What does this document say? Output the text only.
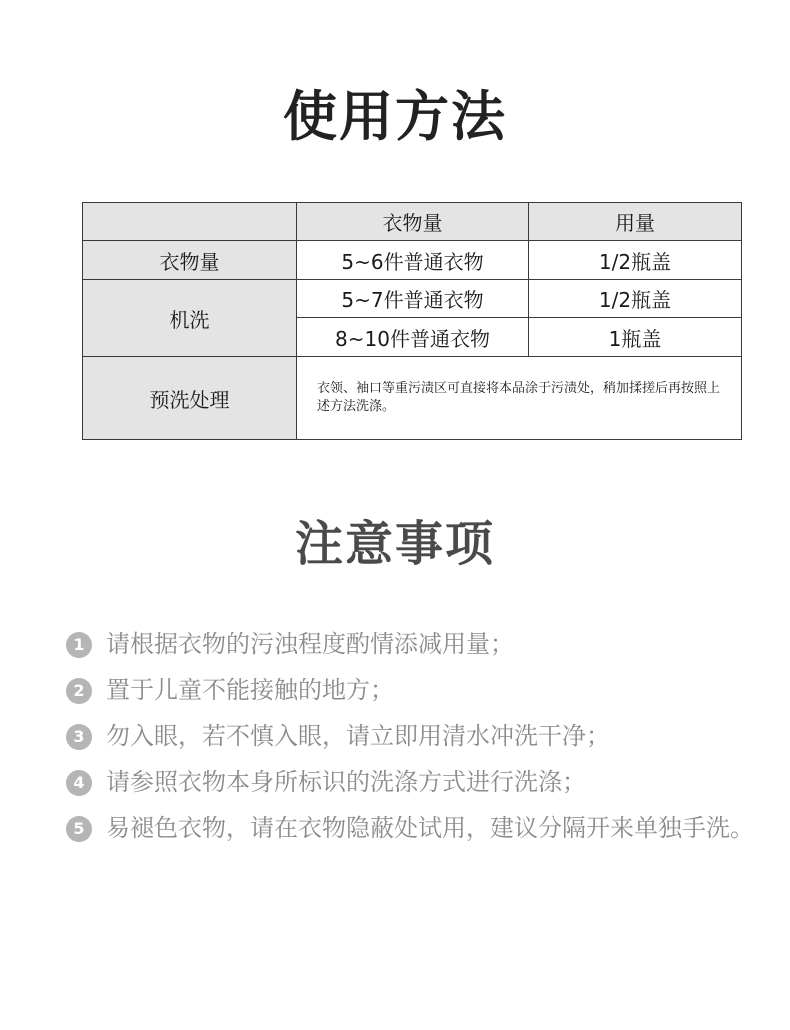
使用方法
	衣物量	用量
衣物量	5~6件普通衣物	1/2瓶盖
机洗	5~7件普通衣物	1/2瓶盖
	8~10件普通衣物	1瓶盖
预洗处理	衣领、袖口等重污渍区可直接将本品涂于污渍处，稍加揉搓后再按照上述方法洗涤。	
注意事项
1 请根据衣物的污浊程度酌情添减用量；
2 置于儿童不能接触的地方；
3 勿入眼，若不慎入眼，请立即用清水冲洗干净；
4 请参照衣物本身所标识的洗涤方式进行洗涤；
5 易褪色衣物，请在衣物隐蔽处试用，建议分隔开来单独手洗。
